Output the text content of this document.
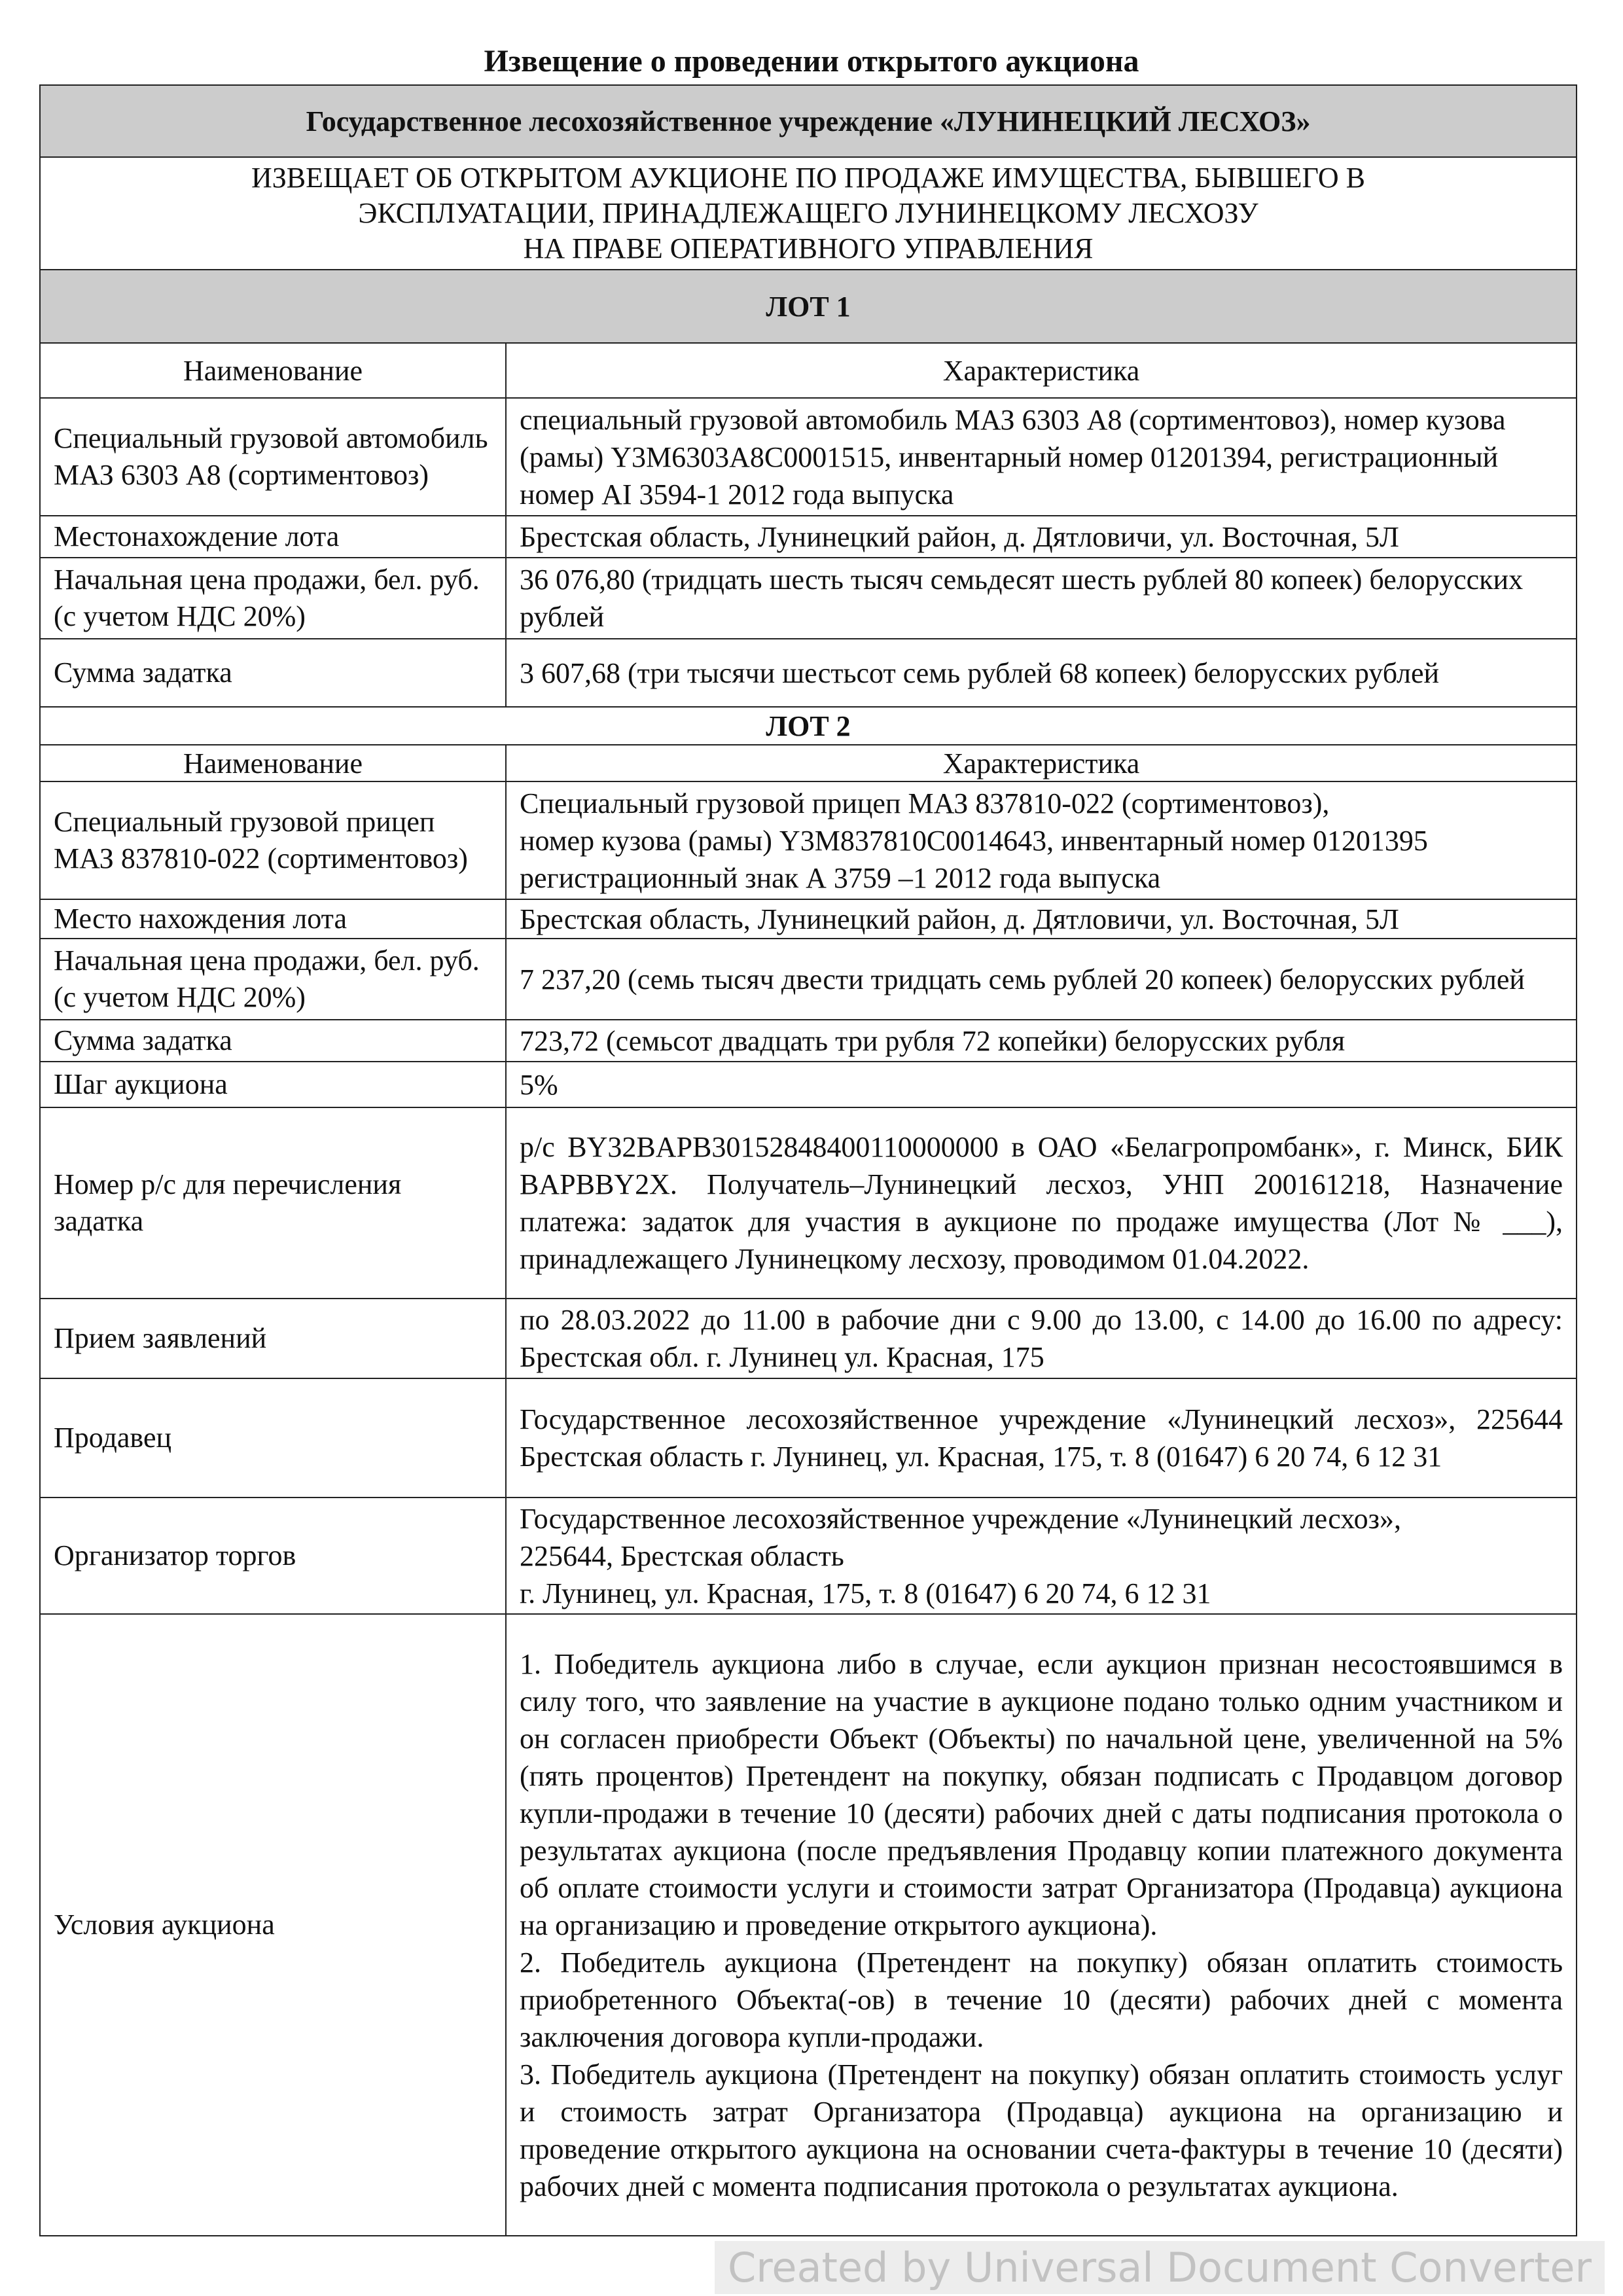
Извещение о проведении открытого аукциона
Государственное лесохозяйственное учреждение «ЛУНИНЕЦКИЙ ЛЕСХОЗ»	

ИЗВЕЩАЕТ ОБ ОТКРЫТОМ АУКЦИОНЕ ПО ПРОДАЖЕ ИМУЩЕСТВА, БЫВШЕГО В
ЭКСПЛУАТАЦИИ, ПРИНАДЛЕЖАЩЕГО ЛУНИНЕЦКОМУ ЛЕСХОЗУ
НА ПРАВЕ ОПЕРАТИВНОГО УПРАВЛЕНИЯ	

ЛОТ 1	
Наименование	Характеристика
Специальный грузовой автомобиль МАЗ 6303 А8 (сортиментовоз)	специальный грузовой автомобиль МАЗ 6303 А8 (сортиментовоз), номер кузова (рамы) Y3M6303A8C0001515, инвентарный номер 01201394, регистрационный номер АI 3594-1 2012 года выпуска
Местонахождение лота	Брестская область, Лунинецкий район, д. Дятловичи, ул. Восточная, 5Л
Начальная цена продажи, бел. руб. (с учетом НДС 20%)	36 076,80 (тридцать шесть тысяч семьдесят шесть рублей 80 копеек) белорусских рублей
Сумма задатка	3 607,68 (три тысячи шестьсот семь рублей 68 копеек) белорусских рублей
ЛОТ 2	
Наименование	Характеристика
Специальный грузовой прицеп МАЗ 837810-022 (сортиментовоз)	Специальный грузовой прицеп МАЗ 837810-022 (сортиментовоз),
номер кузова (рамы) Y3M837810C0014643, инвентарный номер 01201395
регистрационный знак А 3759 –1 2012 года выпуска

Место нахождения лота	Брестская область, Лунинецкий район, д. Дятловичи, ул. Восточная, 5Л
Начальная цена продажи, бел. руб. (с учетом НДС 20%)	7 237,20 (семь тысяч двести тридцать семь рублей 20 копеек) белорусских рублей
Сумма задатка	723,72 (семьсот двадцать три рубля 72 копейки) белорусских рубля
Шаг аукциона	5%
Номер р/с для перечисления задатка	р/с BY32BAPB30152848400110000000 в ОАО «Белагропромбанк», г. Минск, БИК BAPBBY2X. Получатель–Лунинецкий лесхоз, УНП 200161218, Назначение платежа: задаток для участия в аукционе по продаже имущества (Лот № ___), принадлежащего Лунинецкому лесхозу, проводимом 01.04.2022.
Прием заявлений	по 28.03.2022 до 11.00 в рабочие дни с 9.00 до 13.00, с 14.00 до 16.00 по адресу: Брестская обл. г. Лунинец ул. Красная, 175
Продавец	Государственное лесохозяйственное учреждение «Лунинецкий лесхоз», 225644 Брестская область г. Лунинец, ул. Красная, 175, т. 8 (01647) 6 20 74, 6 12 31
Организатор торгов	Государственное лесохозяйственное учреждение «Лунинецкий лесхоз»,
225644, Брестская область
г. Лунинец, ул. Красная, 175, т. 8 (01647) 6 20 74, 6 12 31

Условия аукциона	1. Победитель аукциона либо в случае, если аукцион признан несостоявшимся в силу того, что заявление на участие в аукционе подано только одним участником и он согласен приобрести Объект (Объекты) по начальной цене, увеличенной на 5% (пять процентов) Претендент на покупку, обязан подписать с Продавцом договор купли-продажи в течение 10 (десяти) рабочих дней с даты подписания протокола о результатах аукциона (после предъявления Продавцу копии платежного документа об оплате стоимости услуги и стоимости затрат Организатора (Продавца) аукциона на организацию и проведение открытого аукциона).

2. Победитель аукциона (Претендент на покупку) обязан оплатить стоимость приобретенного Объекта(-ов) в течение 10 (десяти) рабочих дней с момента заключения договора купли-продажи.

3. Победитель аукциона (Претендент на покупку) обязан оплатить стоимость услуг и стоимость затрат Организатора (Продавца) аукциона на организацию и проведение открытого аукциона на основании счета-фактуры в течение 10 (десяти) рабочих дней с момента подписания протокола о результатах аукциона.

Created by Universal Document Converter
